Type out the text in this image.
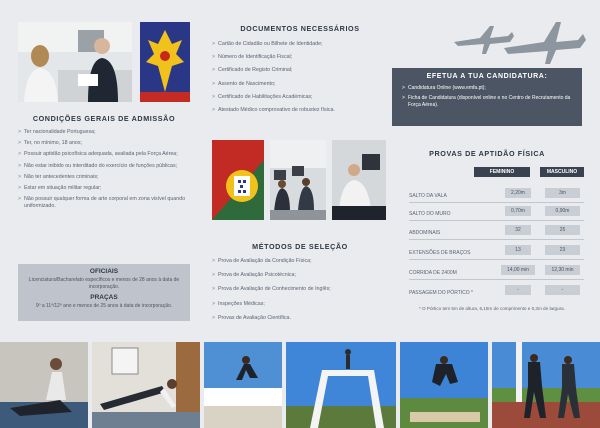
CONDIÇÕES GERAIS DE ADMISSÃO
> Ter nacionalidade Portuguesa;
> Ter, no mínimo, 18 anos;
> Possuir aptidão psicofísica adequada, avaliada pela Força Aérea;
> Não estar inibido ou interditado do exercício de funções públicas;
> Não ter antecedentes criminais;
> Estar em situação militar regular;
> Não possuir qualquer forma de arte corporal em zona visível quando uniformizado.
OFICIAIS
Licenciatura/Bacharelato específicos e menos de 28 anos à data de incorporação.
PRAÇAS
9º a 11º/12º ano e menos de 25 anos à data de incorporação.
DOCUMENTOS NECESSÁRIOS
> Cartão de Cidadão ou Bilhete de Identidade;
> Número de Identificação Fiscal;
> Certificado de Registo Criminal;
> Assento de Nascimento;
> Certificado de Habilitações Académicas;
> Atestado Médico comprovativo de robustez física.
MÉTODOS DE SELEÇÃO
> Prova de Avaliação da Condição Física;
> Prova de Avaliação Psicotécnica;
> Prova de Avaliação de Conhecimento de Inglês;
> Inspeções Médicas;
> Provas de Avaliação Científica.
EFETUA A TUA CANDIDATURA:
> Candidatura Online (www.emfa.pt);
> Ficha de Candidatura (disponível online e no Centro de Recrutamento da Força Aérea).
PROVAS DE APTIDÃO FÍSICA
FEMININO	MASCULINO
SALTO DA VALA	2,20m	3m
SALTO DO MURO	0,70m	0,90m
ABDOMINAIS	32	25
EXTENSÕES DE BRAÇOS	13	23
CORRIDA DE 2400M	14,00 min	12,30 min
PASSAGEM DO PÓRTICO *	-	-
* O Pórtico tem 5m de altura, 6,15m de comprimento e 0,3m de largura.
